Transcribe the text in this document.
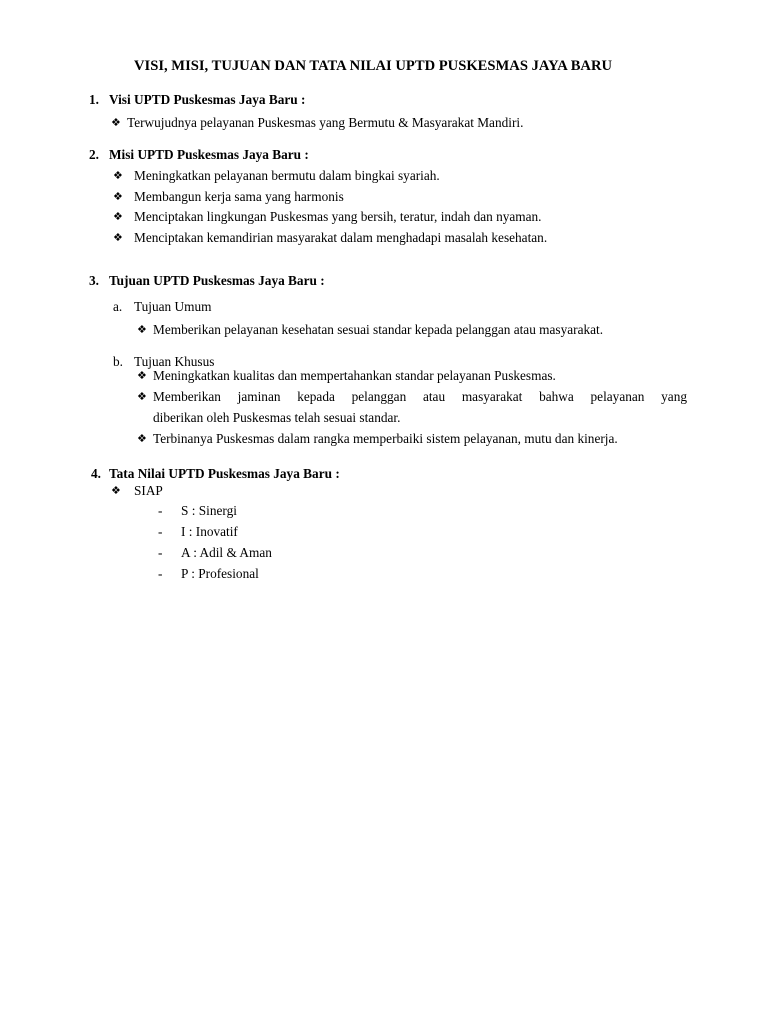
VISI, MISI, TUJUAN DAN TATA NILAI UPTD PUSKESMAS JAYA BARU
1. Visi UPTD Puskesmas Jaya Baru :
❖ Terwujudnya pelayanan Puskesmas yang Bermutu & Masyarakat Mandiri.
2. Misi UPTD Puskesmas Jaya Baru :
❖ Meningkatkan pelayanan bermutu dalam bingkai syariah.
❖ Membangun kerja sama yang harmonis
❖ Menciptakan lingkungan Puskesmas yang bersih, teratur, indah dan nyaman.
❖ Menciptakan kemandirian masyarakat dalam menghadapi masalah kesehatan.
3. Tujuan UPTD Puskesmas Jaya Baru :
a. Tujuan Umum
❖ Memberikan pelayanan kesehatan sesuai standar kepada pelanggan atau masyarakat.
b. Tujuan Khusus
❖ Meningkatkan kualitas dan mempertahankan standar pelayanan Puskesmas.
❖ Memberikan jaminan kepada pelanggan atau masyarakat bahwa pelayanan yang
diberikan oleh Puskesmas telah sesuai standar.
❖ Terbinanya Puskesmas dalam rangka memperbaiki sistem pelayanan, mutu dan kinerja.
4. Tata Nilai UPTD Puskesmas Jaya Baru :
❖ SIAP
- S : Sinergi
- I : Inovatif
- A : Adil & Aman
- P : Profesional
